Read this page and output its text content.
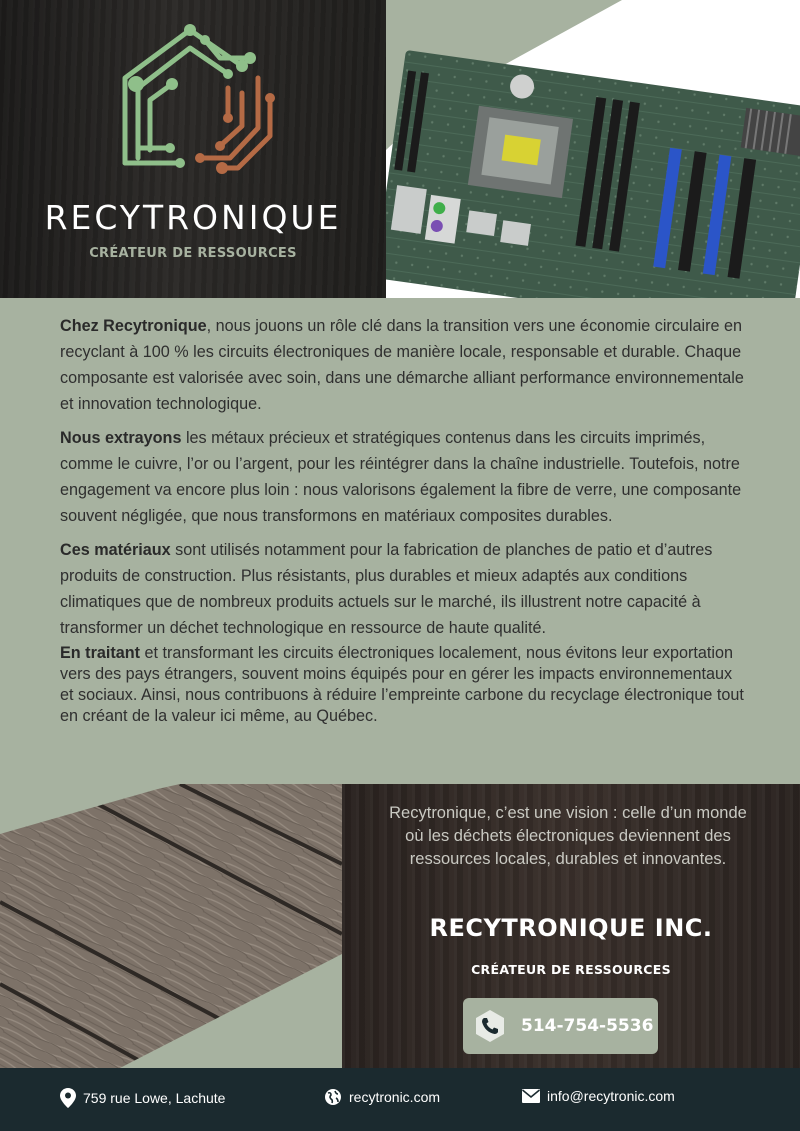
RECYTRONIQUE
CRÉATEUR DE RESSOURCES

Chez Recytronique, nous jouons un rôle clé dans la transition vers une économie circulaire en recyclant à 100 % les circuits électroniques de manière locale, responsable et durable. Chaque composante est valorisée avec soin, dans une démarche alliant performance environnementale et innovation technologique.

Nous extrayons les métaux précieux et stratégiques contenus dans les circuits imprimés, comme le cuivre, l’or ou l’argent, pour les réintégrer dans la chaîne industrielle. Toutefois, notre engagement va encore plus loin : nous valorisons également la fibre de verre, une composante souvent négligée, que nous transformons en matériaux composites durables.

Ces matériaux sont utilisés notamment pour la fabrication de planches de patio et d’autres produits de construction. Plus résistants, plus durables et mieux adaptés aux conditions climatiques que de nombreux produits actuels sur le marché, ils illustrent notre capacité à transformer un déchet technologique en ressource de haute qualité.

En traitant et transformant les circuits électroniques localement, nous évitons leur exportation vers des pays étrangers, souvent moins équipés pour en gérer les impacts environnementaux et sociaux. Ainsi, nous contribuons à réduire l’empreinte carbone du recyclage électronique tout en créant de la valeur ici même, au Québec.

Recytronique, c’est une vision : celle d’un monde où les déchets électroniques deviennent des ressources locales, durables et innovantes.
RECYTRONIQUE INC.
CRÉATEUR DE RESSOURCES
514-754-5536
759 rue Lowe, Lachute	recytronic.com	info@recytronic.com
